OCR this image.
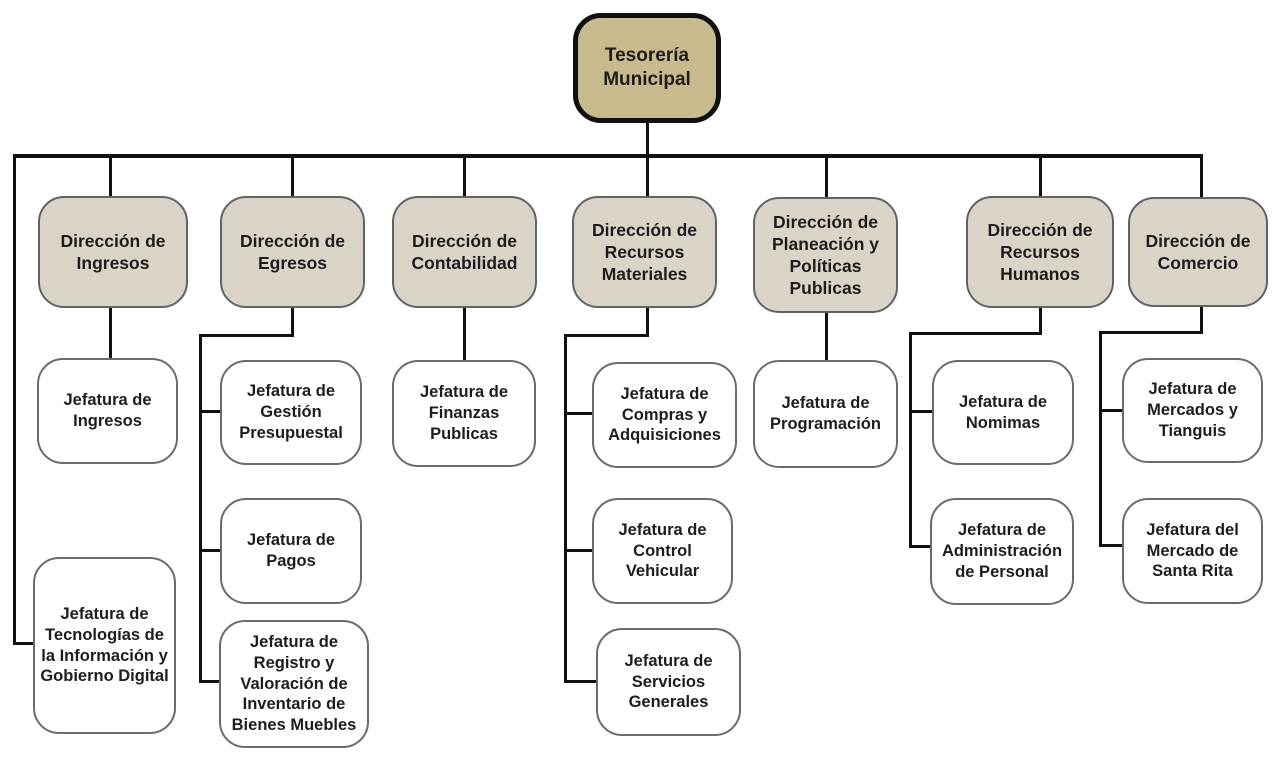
Tesorería Municipal
Dirección de Ingresos
Dirección de Egresos
Dirección de Contabilidad
Dirección de Recursos Materiales
Dirección de Planeación y Políticas Publicas
Dirección de Recursos Humanos
Dirección de Comercio
Jefatura de Ingresos
Jefatura de Tecnologías de la Información y Gobierno Digital
Jefatura de Gestión Presupuestal
Jefatura de Pagos
Jefatura de Registro y Valoración de Inventario de Bienes Muebles
Jefatura de Finanzas Publicas
Jefatura de Compras y Adquisiciones
Jefatura de Control Vehicular
Jefatura de Servicios Generales
Jefatura de Programación
Jefatura de Nomimas
Jefatura de Administración de Personal
Jefatura de Mercados y Tianguis
Jefatura del Mercado de Santa Rita
